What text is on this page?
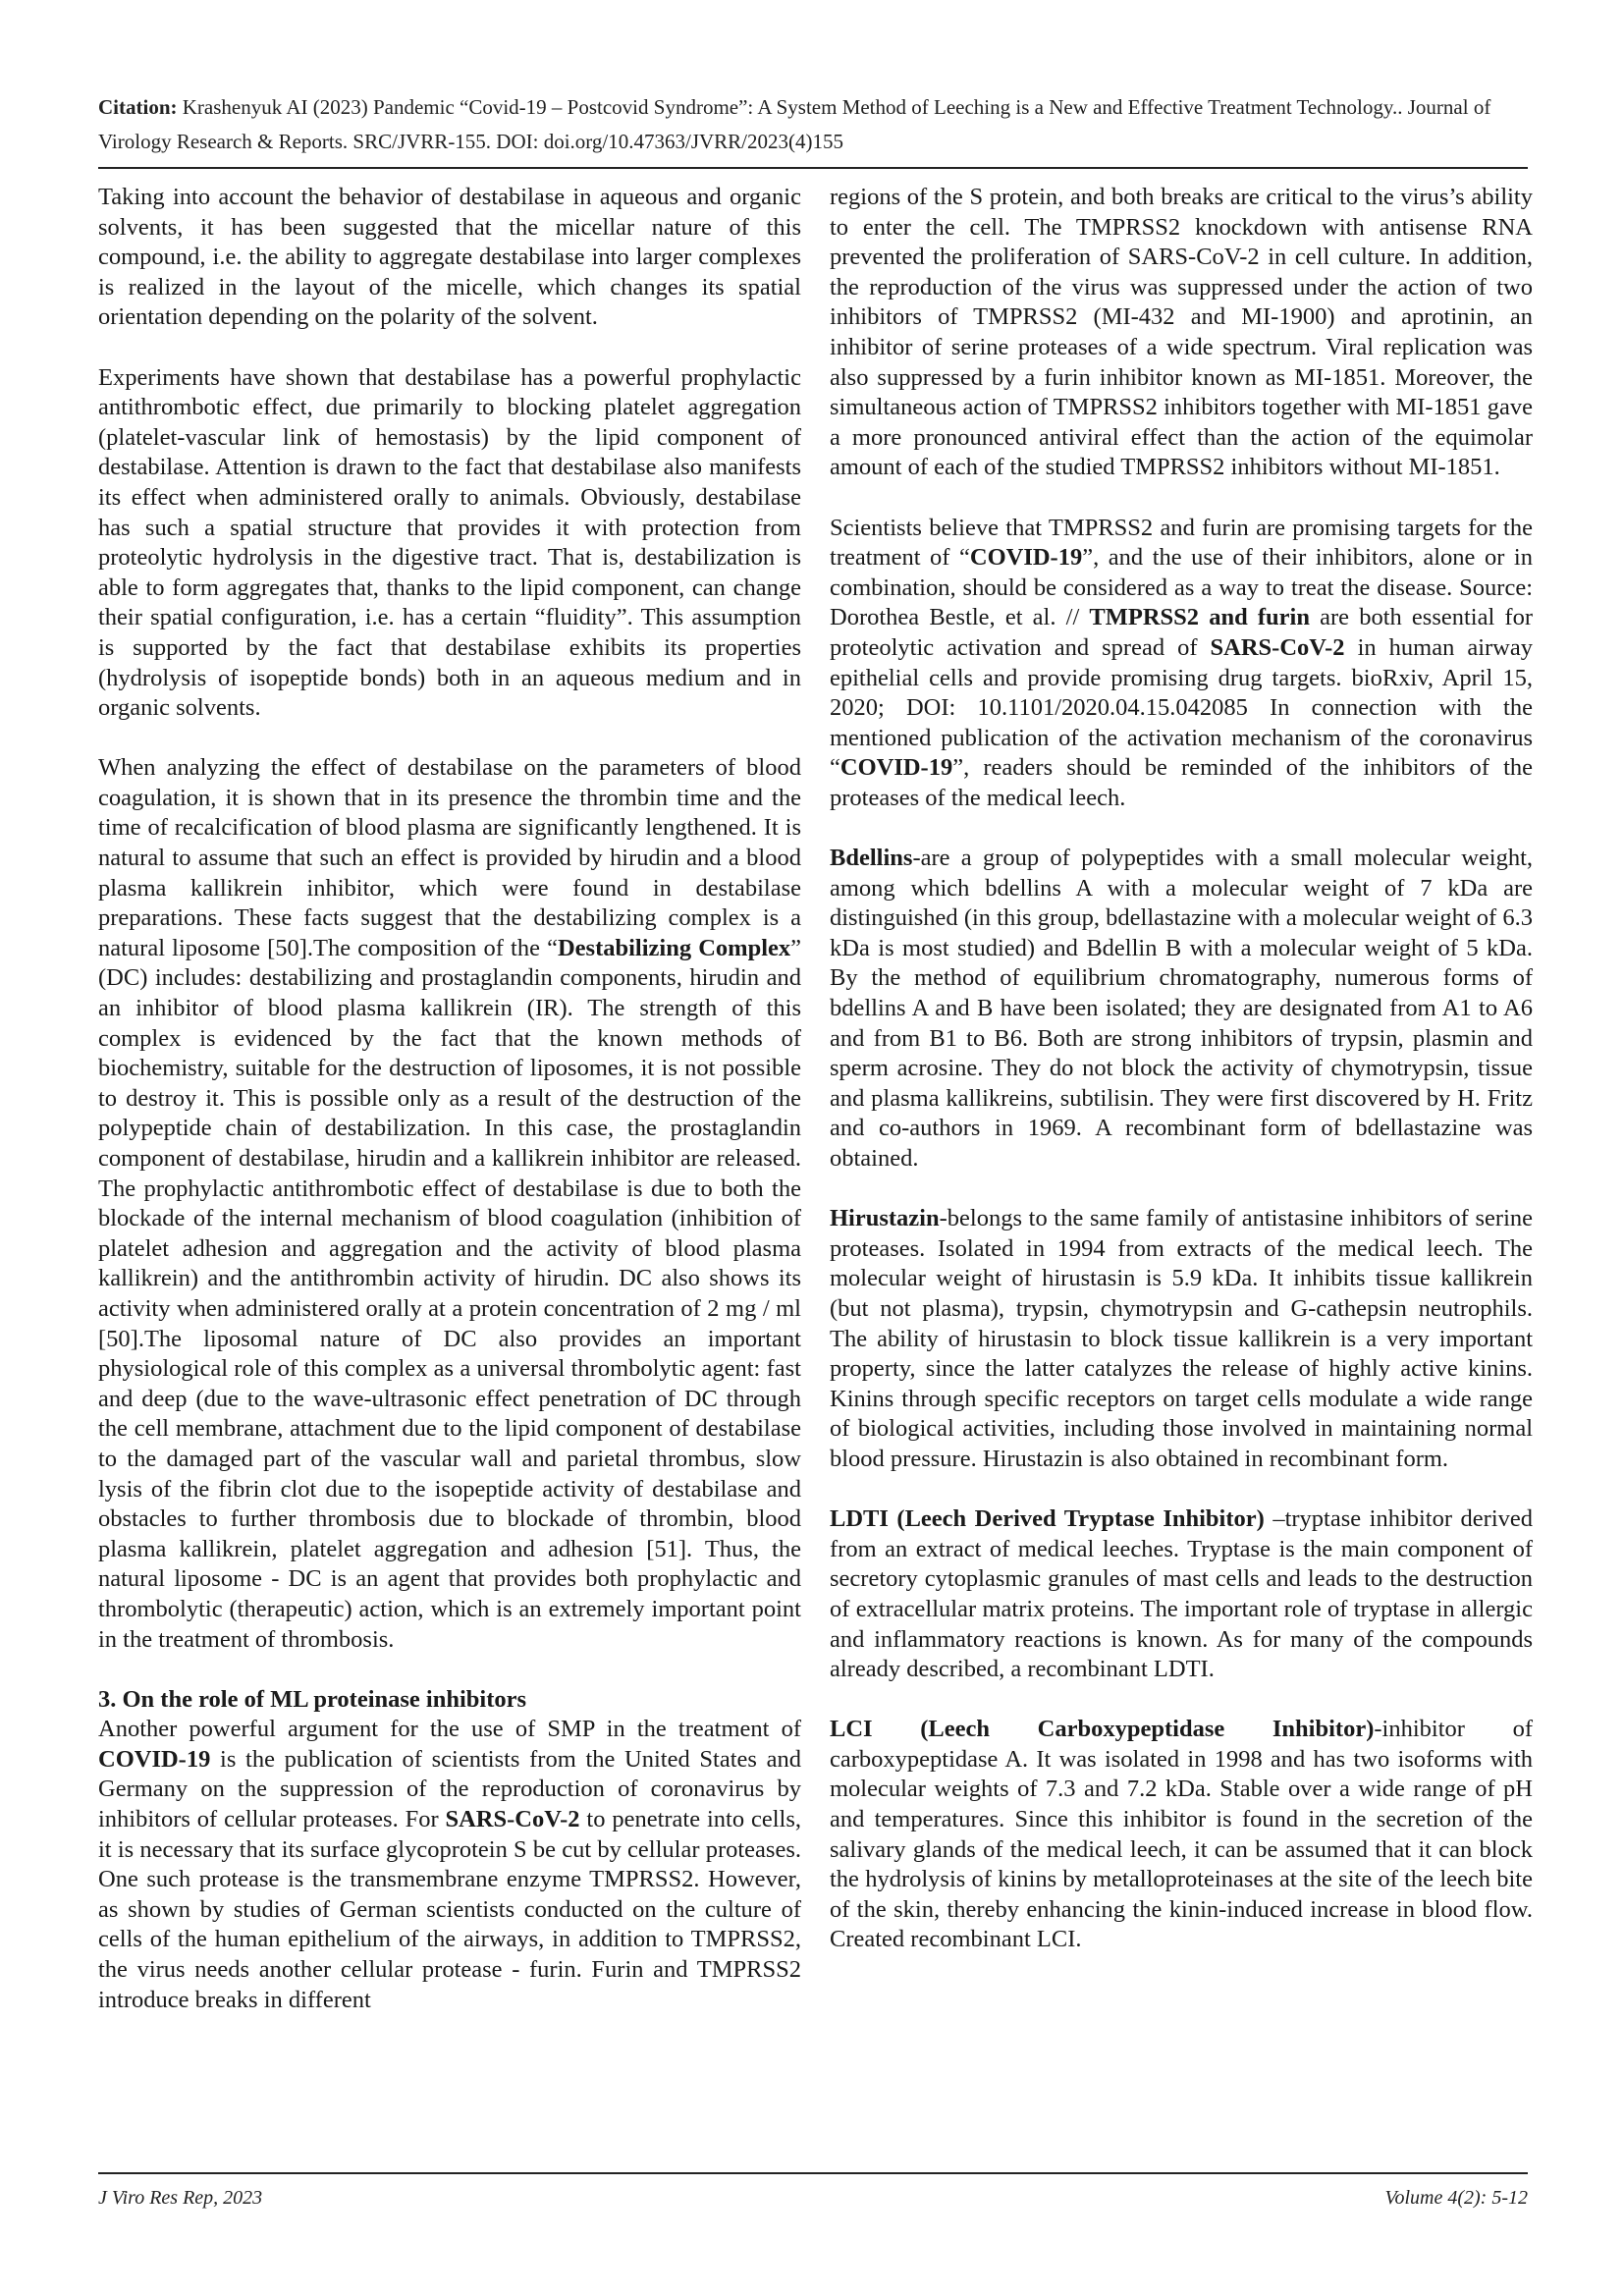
Citation: Krashenyuk AI (2023) Pandemic “Covid-19 – Postcovid Syndrome”: A System Method of Leeching is a New and Effective Treatment Technology.. Journal of Virology Research & Reports. SRC/JVRR-155. DOI: doi.org/10.47363/JVRR/2023(4)155

Taking into account the behavior of destabilase in aqueous and organic solvents, it has been suggested that the micellar nature of this compound, i.e. the ability to aggregate destabilase into larger complexes is realized in the layout of the micelle, which changes its spatial orientation depending on the polarity of the solvent.

Experiments have shown that destabilase has a powerful prophylactic antithrombotic effect, due primarily to blocking platelet aggregation (platelet-vascular link of hemostasis) by the lipid component of destabilase. Attention is drawn to the fact that destabilase also manifests its effect when administered orally to animals. Obviously, destabilase has such a spatial structure that provides it with protection from proteolytic hydrolysis in the digestive tract. That is, destabilization is able to form aggregates that, thanks to the lipid component, can change their spatial configuration, i.e. has a certain “fluidity”. This assumption is supported by the fact that destabilase exhibits its properties (hydrolysis of isopeptide bonds) both in an aqueous medium and in organic solvents.

When analyzing the effect of destabilase on the parameters of blood coagulation, it is shown that in its presence the thrombin time and the time of recalcification of blood plasma are significantly lengthened. It is natural to assume that such an effect is provided by hirudin and a blood plasma kallikrein inhibitor, which were found in destabilase preparations. These facts suggest that the destabilizing complex is a natural liposome [50].The composition of the “Destabilizing Complex” (DC) includes: destabilizing and prostaglandin components, hirudin and an inhibitor of blood plasma kallikrein (IR). The strength of this complex is evidenced by the fact that the known methods of biochemistry, suitable for the destruction of liposomes, it is not possible to destroy it. This is possible only as a result of the destruction of the polypeptide chain of destabilization. In this case, the prostaglandin component of destabilase, hirudin and a kallikrein inhibitor are released. The prophylactic antithrombotic effect of destabilase is due to both the blockade of the internal mechanism of blood coagulation (inhibition of platelet adhesion and aggregation and the activity of blood plasma kallikrein) and the antithrombin activity of hirudin. DC also shows its activity when administered orally at a protein concentration of 2 mg / ml [50].The liposomal nature of DC also provides an important physiological role of this complex as a universal thrombolytic agent: fast and deep (due to the wave-ultrasonic effect penetration of DC through the cell membrane, attachment due to the lipid component of destabilase to the damaged part of the vascular wall and parietal thrombus, slow lysis of the fibrin clot due to the isopeptide activity of destabilase and obstacles to further thrombosis due to blockade of thrombin, blood plasma kallikrein, platelet aggregation and adhesion [51]. Thus, the natural liposome - DC is an agent that provides both prophylactic and thrombolytic (therapeutic) action, which is an extremely important point in the treatment of thrombosis.

3. On the role of ML proteinase inhibitors

Another powerful argument for the use of SMP in the treatment of COVID-19 is the publication of scientists from the United States and Germany on the suppression of the reproduction of coronavirus by inhibitors of cellular proteases. For SARS-CoV-2 to penetrate into cells, it is necessary that its surface glycoprotein S be cut by cellular proteases. One such protease is the transmembrane enzyme TMPRSS2. However, as shown by studies of German scientists conducted on the culture of cells of the human epithelium of the airways, in addition to TMPRSS2, the virus needs another cellular protease - furin. Furin and TMPRSS2 introduce breaks in different

regions of the S protein, and both breaks are critical to the virus’s ability to enter the cell. The TMPRSS2 knockdown with antisense RNA prevented the proliferation of SARS-CoV-2 in cell culture. In addition, the reproduction of the virus was suppressed under the action of two inhibitors of TMPRSS2 (MI-432 and MI-1900) and aprotinin, an inhibitor of serine proteases of a wide spectrum. Viral replication was also suppressed by a furin inhibitor known as MI-1851. Moreover, the simultaneous action of TMPRSS2 inhibitors together with MI-1851 gave a more pronounced antiviral effect than the action of the equimolar amount of each of the studied TMPRSS2 inhibitors without MI-1851.

Scientists believe that TMPRSS2 and furin are promising targets for the treatment of “COVID-19”, and the use of their inhibitors, alone or in combination, should be considered as a way to treat the disease. Source: Dorothea Bestle, et al. // TMPRSS2 and furin are both essential for proteolytic activation and spread of SARS-CoV-2 in human airway epithelial cells and provide promising drug targets. bioRxiv, April 15, 2020; DOI: 10.1101/2020.04.15.042085 In connection with the mentioned publication of the activation mechanism of the coronavirus “COVID-19”, readers should be reminded of the inhibitors of the proteases of the medical leech.

Bdellins-are a group of polypeptides with a small molecular weight, among which bdellins A with a molecular weight of 7 kDa are distinguished (in this group, bdellastazine with a molecular weight of 6.3 kDa is most studied) and Bdellin B with a molecular weight of 5 kDa. By the method of equilibrium chromatography, numerous forms of bdellins A and B have been isolated; they are designated from A1 to A6 and from B1 to B6. Both are strong inhibitors of trypsin, plasmin and sperm acrosine. They do not block the activity of chymotrypsin, tissue and plasma kallikreins, subtilisin. They were first discovered by H. Fritz and co-authors in 1969. A recombinant form of bdellastazine was obtained.

Hirustazin-belongs to the same family of antistasine inhibitors of serine proteases. Isolated in 1994 from extracts of the medical leech. The molecular weight of hirustasin is 5.9 kDa. It inhibits tissue kallikrein (but not plasma), trypsin, chymotrypsin and G-cathepsin neutrophils. The ability of hirustasin to block tissue kallikrein is a very important property, since the latter catalyzes the release of highly active kinins. Kinins through specific receptors on target cells modulate a wide range of biological activities, including those involved in maintaining normal blood pressure. Hirustazin is also obtained in recombinant form.

LDTI (Leech Derived Tryptase Inhibitor) –tryptase inhibitor derived from an extract of medical leeches. Tryptase is the main component of secretory cytoplasmic granules of mast cells and leads to the destruction of extracellular matrix proteins. The important role of tryptase in allergic and inflammatory reactions is known. As for many of the compounds already described, a recombinant LDTI.

LCI (Leech Carboxypeptidase Inhibitor)-inhibitor of carboxypeptidase A. It was isolated in 1998 and has two isoforms with molecular weights of 7.3 and 7.2 kDa. Stable over a wide range of pH and temperatures. Since this inhibitor is found in the secretion of the salivary glands of the medical leech, it can be assumed that it can block the hydrolysis of kinins by metalloproteinases at the site of the leech bite of the skin, thereby enhancing the kinin-induced increase in blood flow. Created recombinant LCI.

J Viro Res Rep, 2023	Volume 4(2): 5-12
